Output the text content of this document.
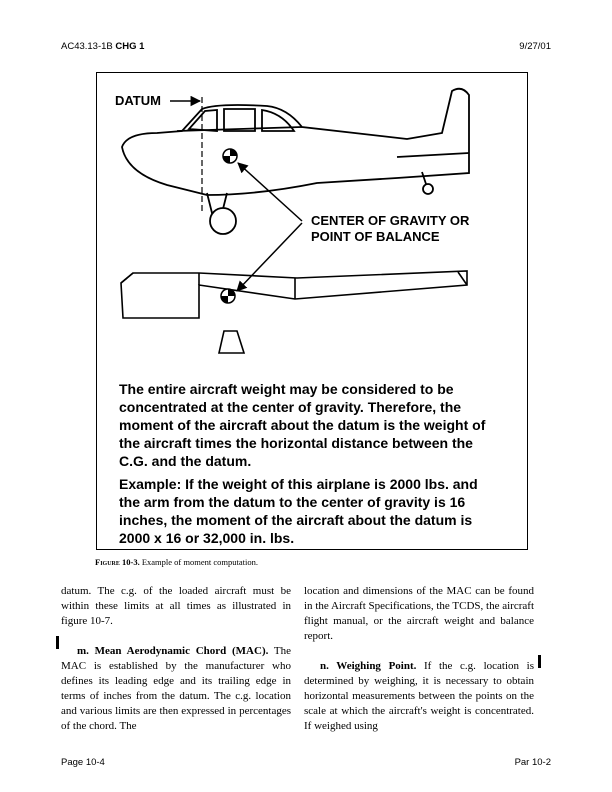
AC43.13-1B CHG 1	9/27/01
DATUM
CENTER OF GRAVITY OR
POINT OF BALANCE

The entire aircraft weight may be considered to be concentrated at the center of gravity. Therefore, the moment of the aircraft about the datum is the weight of the aircraft times the horizontal distance between the C.G. and the datum.

Example: If the weight of this airplane is 2000 lbs. and the arm from the datum to the center of gravity is 16 inches, the moment of the aircraft about the datum is 2000 x 16 or 32,000 in. lbs.

Figure 10-3. Example of moment computation.

datum. The c.g. of the loaded aircraft must be within these limits at all times as illustrated in figure 10-7.

m. Mean Aerodynamic Chord (MAC). The MAC is established by the manufacturer who defines its leading edge and its trailing edge in terms of inches from the datum. The c.g. location and various limits are then expressed in percentages of the chord. The

location and dimensions of the MAC can be found in the Aircraft Specifications, the TCDS, the aircraft flight manual, or the aircraft weight and balance report.

n. Weighing Point. If the c.g. location is determined by weighing, it is necessary to obtain horizontal measurements between the points on the scale at which the aircraft's weight is concentrated. If weighed using

Page 10-4	Par 10-2
